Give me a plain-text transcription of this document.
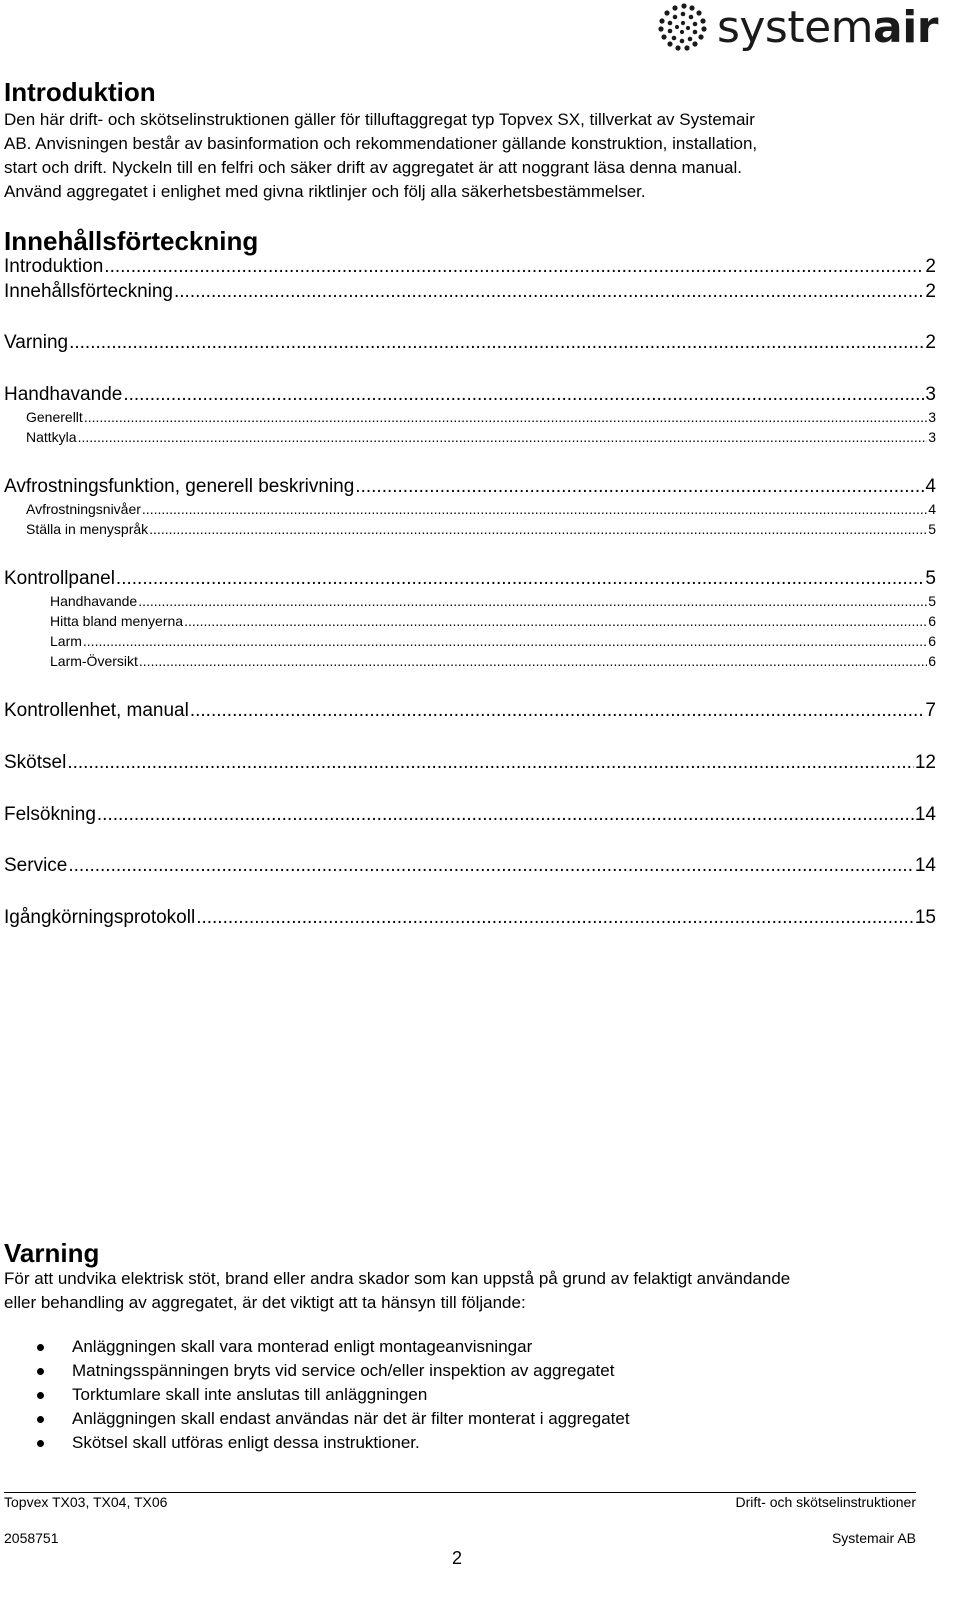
systemair
Introduktion
Den här drift- och skötselinstruktionen gäller för tilluftaggregat typ Topvex SX, tillverkat av Systemair
AB. Anvisningen består av basinformation och rekommendationer gällande konstruktion, installation,
start och drift. Nyckeln till en felfri och säker drift av aggregatet är att noggrant läsa denna manual.
Använd aggregatet i enlighet med givna riktlinjer och följ alla säkerhetsbestämmelser.
Innehållsförteckning
Introduktion .....	2
Innehållsförteckning .....	2
Varning .....	2
Handhavande .....	3
Generellt .....	3
Nattkyla .....	3
Avfrostningsfunktion, generell beskrivning .....	4
Avfrostningsnivåer .....	4
Ställa in menyspråk .....	5
Kontrollpanel .....	5
Handhavande .....	5
Hitta bland menyerna .....	6
Larm .....	6
Larm-Översikt .....	6
Kontrollenhet, manual .....	7
Skötsel .....	12
Felsökning .....	14
Service .....	14
Igångkörningsprotokoll .....	15
Varning
För att undvika elektrisk stöt, brand eller andra skador som kan uppstå på grund av felaktigt användande
eller behandling av aggregatet, är det viktigt att ta hänsyn till följande:
Anläggningen skall vara monterad enligt montageanvisningar
Matningsspänningen bryts vid service och/eller inspektion av aggregatet
Torktumlare skall inte anslutas till anläggningen
Anläggningen skall endast användas när det är filter monterat i aggregatet
Skötsel skall utföras enligt dessa instruktioner.
Topvex TX03, TX04, TX06	Drift- och skötselinstruktioner
2058751
2
Systemair AB
